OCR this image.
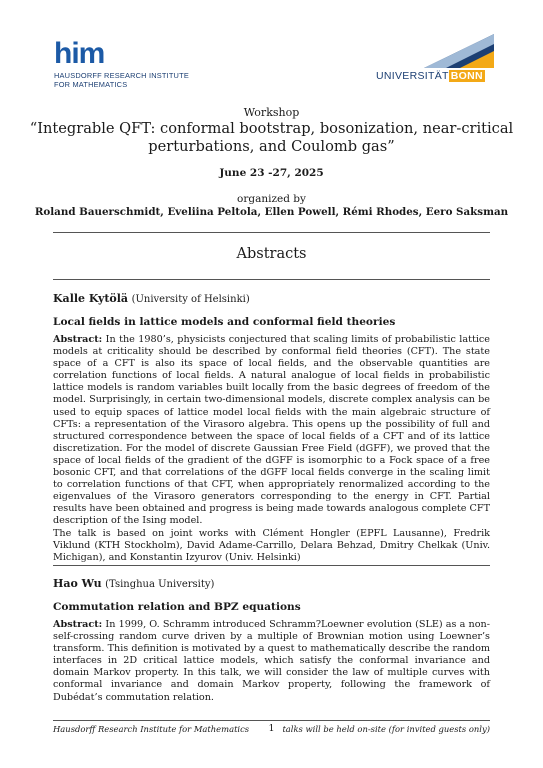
him
HAUSDORFF RESEARCH INSTITUTE
FOR MATHEMATICS
UNIVERSITÄT BONN
Workshop
“Integrable QFT: conformal bootstrap, bosonization, near-critical
perturbations, and Coulomb gas”
June 23 -27, 2025
organized by
Roland Bauerschmidt, Eveliina Peltola, Ellen Powell, Rémi Rhodes, Eero Saksman
Abstracts
Kalle Kytölä (University of Helsinki)
Local fields in lattice models and conformal field theories
Abstract: In the 1980’s, physicists conjectured that scaling limits of probabilistic lattice models at criticality should be described by conformal field theories (CFT). The state space of a CFT is also its space of local fields, and the observable quantities are correlation functions of local fields. A natural analogue of local fields in probabilistic lattice models is random variables built locally from the basic degrees of freedom of the model. Surprisingly, in certain two-dimensional models, discrete complex analysis can be used to equip spaces of lattice model local fields with the main algebraic structure of CFTs: a representation of the Virasoro algebra. This opens up the possibility of full and structured correspondence between the space of local fields of a CFT and of its lattice discretization. For the model of discrete Gaussian Free Field (dGFF), we proved that the space of local fields of the gradient of the dGFF is isomorphic to a Fock space of a free bosonic CFT, and that correlations of the dGFF local fields converge in the scaling limit to correlation functions of that CFT, when appropriately renormalized according to the eigenvalues of the Virasoro generators corresponding to the energy in CFT. Partial results have been obtained and progress is being made towards analogous complete CFT description of the Ising model.
The talk is based on joint works with Clément Hongler (EPFL Lausanne), Fredrik Viklund (KTH Stockholm), David Adame-Carrillo, Delara Behzad, Dmitry Chelkak (Univ. Michigan), and Konstantin Izyurov (Univ. Helsinki)
Hao Wu (Tsinghua University)
Commutation relation and BPZ equations
Abstract: In 1999, O. Schramm introduced Schramm?Loewner evolution (SLE) as a non-self-crossing random curve driven by a multiple of Brownian motion using Loewner’s transform. This definition is motivated by a quest to mathematically describe the random interfaces in 2D critical lattice models, which satisfy the conformal invariance and domain Markov property. In this talk, we will consider the law of multiple curves with conformal invariance and domain Markov property, following the framework of Dubédat’s commutation relation.
Hausdorff Research Institute for Mathematics	1 talks will be held on-site (for invited guests only)
